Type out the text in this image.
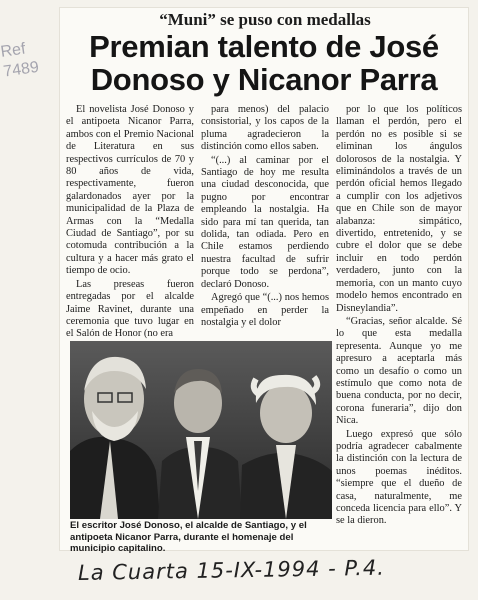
Ref
7489
“Muni” se puso con medallas
Premian talento de José
Donoso y Nicanor Parra

El novelista José Donoso y el antipoeta Nicanor Parra, ambos con el Premio Nacional de Literatura en sus respectivos currículos de 70 y 80 años de vida, respectivamente, fueron galardonados ayer por la municipalidad de la Plaza de Armas con la “Medalla Ciudad de Santiago”, por su cotomuda contribución a la cultura y a hacer más grato el tiempo de ocio.

Las preseas fueron entregadas por el alcalde Jaime Ravinet, durante una ceremonia que tuvo lugar en el Salón de Honor (no era

para menos) del palacio consistorial, y los capos de la pluma agradecieron la distinción como ellos saben.

“(...) al caminar por el Santiago de hoy me resulta una ciudad desconocida, que pugno por encontrar empleando la nostalgia. Ha sido para mí tan querida, tan dolida, tan odiada. Pero en Chile estamos perdiendo nuestra facultad de sufrir porque todo se perdona”, declaró Donoso.

Agregó que “(...) nos hemos empeñado en perder la nostalgia y el dolor

por lo que los políticos llaman el perdón, pero el perdón no es posible si se eliminan los ángulos dolorosos de la nostalgia. Y eliminándolos a través de un perdón oficial hemos llegado a cumplir con los adjetivos que en Chile son de mayor alabanza: simpático, divertido, entretenido, y se cubre el dolor que se debe incluir en todo perdón verdadero, junto con la memoria, con un manto cuyo modelo hemos encontrado en Disneylandia”.

“Gracias, señor alcalde. Sé lo que esta medalla representa. Aunque yo me apresuro a aceptarla más como un desafío o como un estímulo que como nota de buena conducta, por no decir, corona funeraria”, dijo don Nica.

Luego expresó que sólo podría agradecer cabalmente la distinción con la lectura de unos poemas inéditos. “siempre que el dueño de casa, naturalmente, me conceda licencia para ello”. Y se la dieron.

El escritor José Donoso, el alcalde de Santiago, y el antipoeta Nicanor Parra, durante el homenaje del municipio capitalino.
La Cuarta 15-IX-1994 - P.4.
